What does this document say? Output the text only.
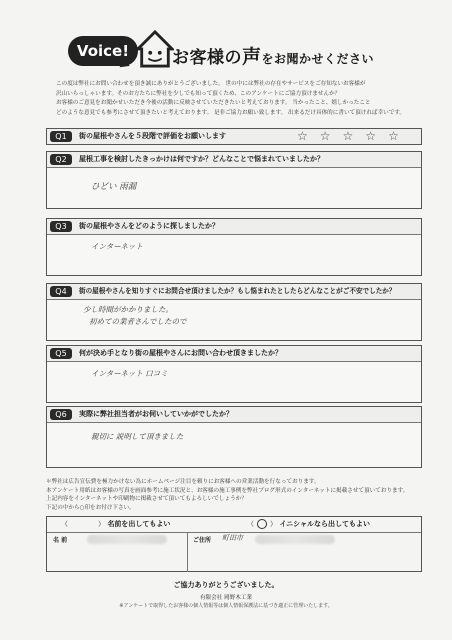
Voice!	お客様の声をお聞かせください

この度は弊社にお問い合わせを頂き誠にありがとうございました。 世の中には弊社の存在やサービスをご存知ないお客様が

沢山いらっしゃいます。そのお方たちに弊社を少しでも知って頂くため、このアンケートにご協力頂けませんか？

お客様のご意見をお聞かせいただき今後の活動に反映させていただきたいと考えております。 当かったこと、嬉しかったこと

どのような意見でも参考にさせて頂きたいと考えております。 是非ご協力お願い致します。 出来るだけ具体的に書いて頂ければ幸いです。

Q1	街の屋根やさんを５段階で評価をお願いします	☆ ☆ ☆ ☆ ☆
Q2	屋根工事を検討したきっかけは何ですか？どんなことで悩まれていましたか？
ひどい 雨漏
Q3	街の屋根やさんをどのように探しましたか？
インターネット
Q4	街の屋根やさんを知りすぐにお問合せ頂けましたか？もし悩まれたとしたらどんなことがご不安でしたか？
少し時間がかかりました。
初めての業者さんでしたので
Q5	何が決め手となり街の屋根やさんにお問い合わせ頂きましたか？
インターネット 口コミ
Q6	実際に弊社担当者がお伺いしていかがでしたか？
親切に 説明して頂きました

＊弊社は広告宣伝費を極力かけない為にホームページ注目を頼りにお客様への営業活動を行なっております。

本アンケート用紙はお客様の写真を画面参考に施工状況と、お客様の施工事例を弊社ブログ形式のインターネットに掲載させて頂いております。

上記内容をインターネットや印刷物に掲載させて頂いてもよろしいでしょうか？

下記の中から○印をお付け下さい。

（	） 名前を出してもよい	（ ○ ） イニシャルなら出してもよい
名 前	ご住所 町田市
ご協力ありがとうございました。
有限会社 岡野木工業
※アンケートで取得したお客様の個人情報等は個人情報保護法に基づき適正に管理いたします。
